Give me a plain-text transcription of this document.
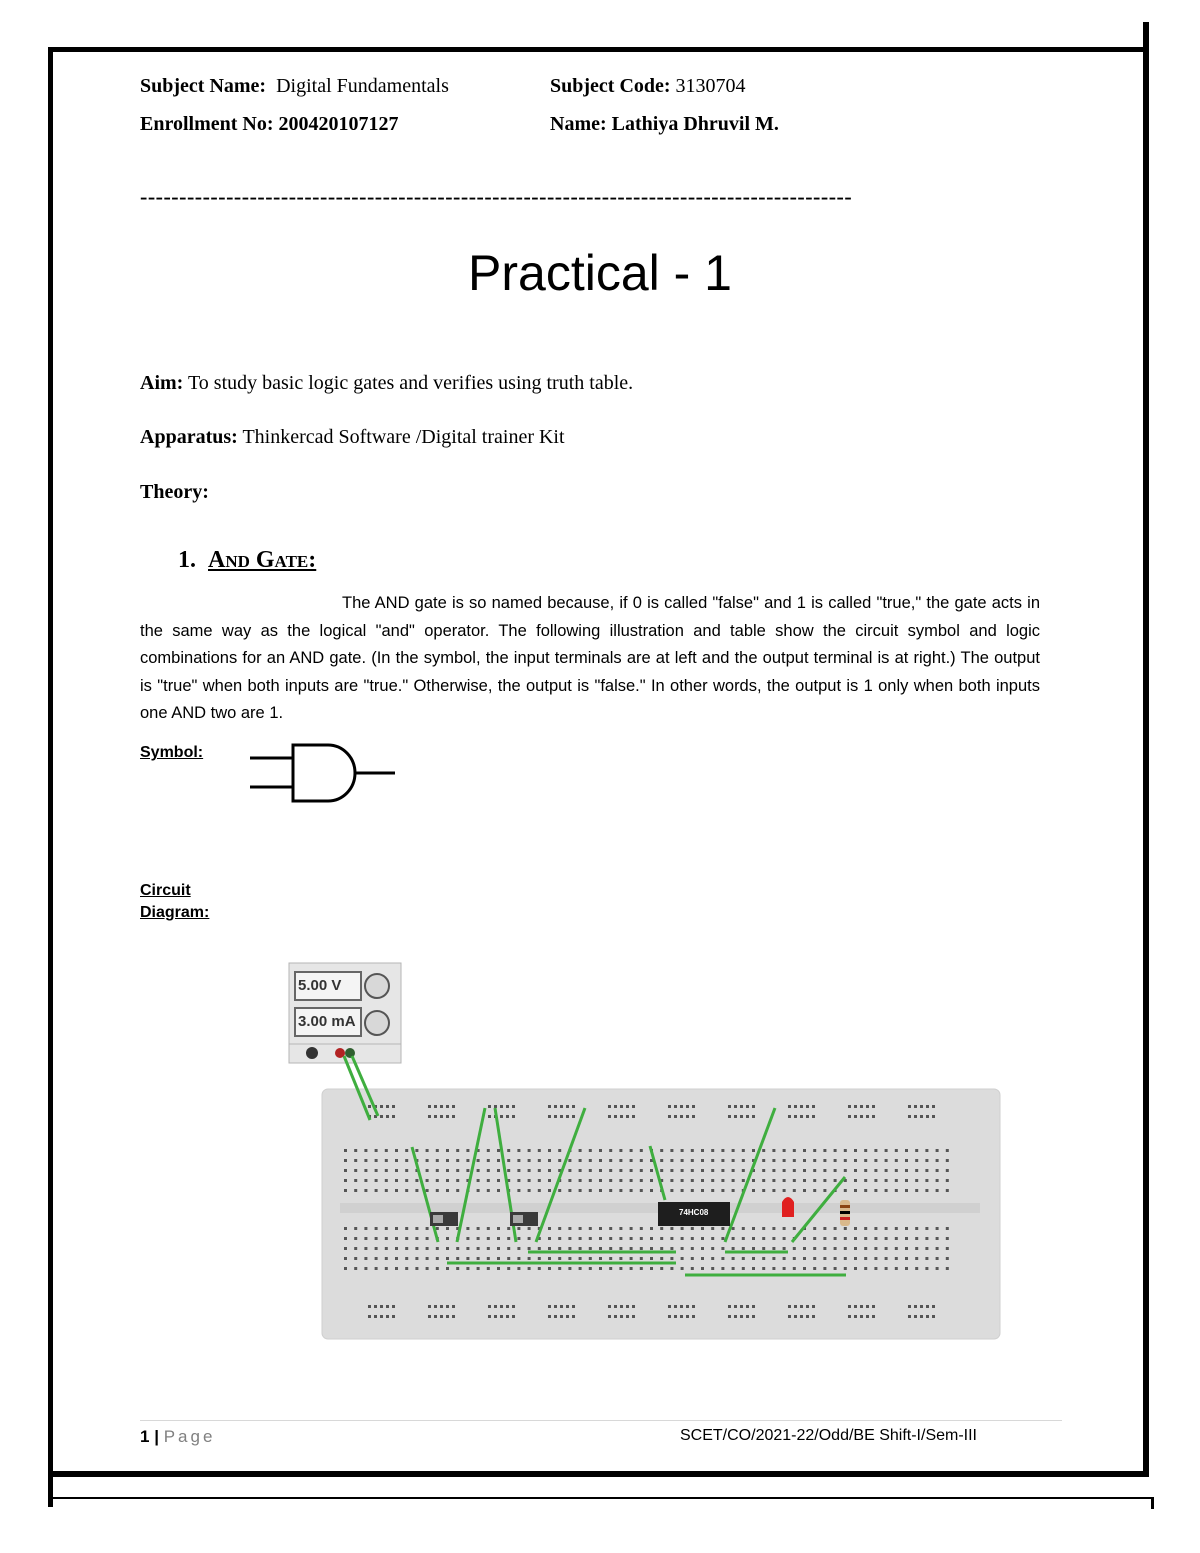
Subject Name: Digital Fundamentals	Subject Code: 3130704
Enrollment No: 200420107127	Name: Lathiya Dhruvil M.
-------------------------------------------------------------------------------------------
Practical - 1
Aim: To study basic logic gates and verifies using truth table.
Apparatus: Thinkercad Software /Digital trainer Kit
Theory:
1. And Gate:

The AND gate is so named because, if 0 is called "false" and 1 is called "true," the gate acts in the same way as the logical "and" operator. The following illustration and table show the circuit symbol and logic combinations for an AND gate. (In the symbol, the input terminals are at left and the output terminal is at right.) The output is "true" when both inputs are "true." Otherwise, the output is "false." In other words, the output is 1 only when both inputs one AND two are 1.

Symbol:
Circuit
Diagram:
5.00 V
3.00 mA
74HC08
1 | Page	SCET/CO/2021-22/Odd/BE Shift-I/Sem-III
